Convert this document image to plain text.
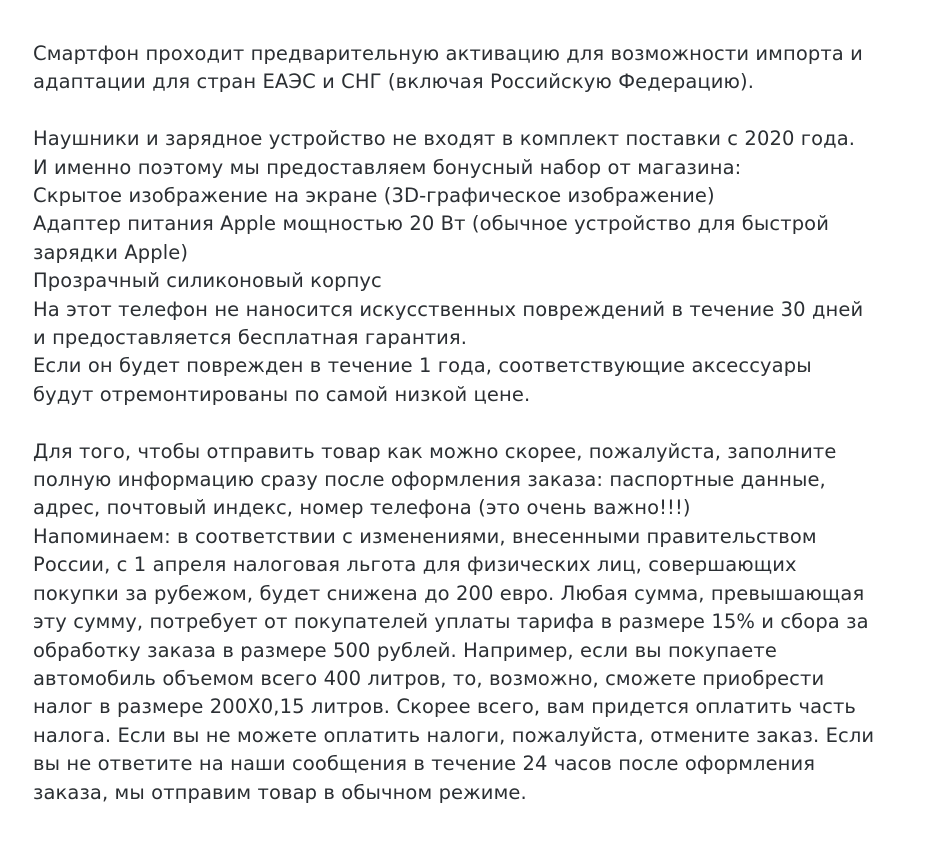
Смартфон проходит предварительную активацию для возможности импорта и
адаптации для стран ЕАЭС и СНГ (включая Российскую Федерацию).
Наушники и зарядное устройство не входят в комплект поставки с 2020 года.
И именно поэтому мы предоставляем бонусный набор от магазина:
Скрытое изображение на экране (3D-графическое изображение)
Адаптер питания Apple мощностью 20 Вт (обычное устройство для быстрой
зарядки Apple)
Прозрачный силиконовый корпус
На этот телефон не наносится искусственных повреждений в течение 30 дней
и предоставляется бесплатная гарантия.
Если он будет поврежден в течение 1 года, соответствующие аксессуары
будут отремонтированы по самой низкой цене.
Для того, чтобы отправить товар как можно скорее, пожалуйста, заполните
полную информацию сразу после оформления заказа: паспортные данные,
адрес, почтовый индекс, номер телефона (это очень важно!!!)
Напоминаем: в соответствии с изменениями, внесенными правительством
России, с 1 апреля налоговая льгота для физических лиц, совершающих
покупки за рубежом, будет снижена до 200 евро. Любая сумма, превышающая
эту сумму, потребует от покупателей уплаты тарифа в размере 15% и сбора за
обработку заказа в размере 500 рублей. Например, если вы покупаете
автомобиль объемом всего 400 литров, то, возможно, сможете приобрести
налог в размере 200X0,15 литров. Скорее всего, вам придется оплатить часть
налога. Если вы не можете оплатить налоги, пожалуйста, отмените заказ. Если
вы не ответите на наши сообщения в течение 24 часов после оформления
заказа, мы отправим товар в обычном режиме.
